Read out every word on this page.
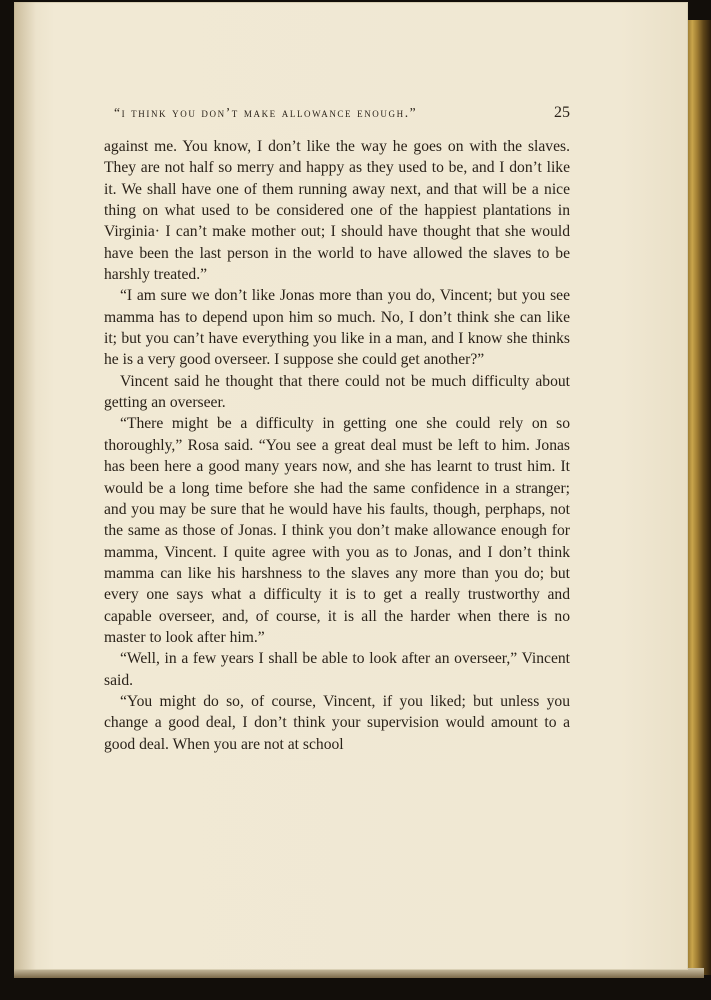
“i think you don’t make allowance enough.”	25

against me. You know, I don’t like the way he goes on with the slaves. They are not half so merry and happy as they used to be, and I don’t like it. We shall have one of them running away next, and that will be a nice thing on what used to be considered one of the happiest plantations in Virginia· I can’t make mother out; I should have thought that she would have been the last person in the world to have allowed the slaves to be harshly treated.”

“I am sure we don’t like Jonas more than you do, Vincent; but you see mamma has to depend upon him so much. No, I don’t think she can like it; but you can’t have everything you like in a man, and I know she thinks he is a very good overseer. I suppose she could get another?”

Vincent said he thought that there could not be much difficulty about getting an overseer.

“There might be a difficulty in getting one she could rely on so thoroughly,” Rosa said. “You see a great deal must be left to him. Jonas has been here a good many years now, and she has learnt to trust him. It would be a long time before she had the same confidence in a stranger; and you may be sure that he would have his faults, though, perphaps, not the same as those of Jonas. I think you don’t make allowance enough for mamma, Vincent. I quite agree with you as to Jonas, and I don’t think mamma can like his harshness to the slaves any more than you do; but every one says what a difficulty it is to get a really trustworthy and capable overseer, and, of course, it is all the harder when there is no master to look after him.”

“Well, in a few years I shall be able to look after an overseer,” Vincent said.

“You might do so, of course, Vincent, if you liked; but unless you change a good deal, I don’t think your supervision would amount to a good deal. When you are not at school
